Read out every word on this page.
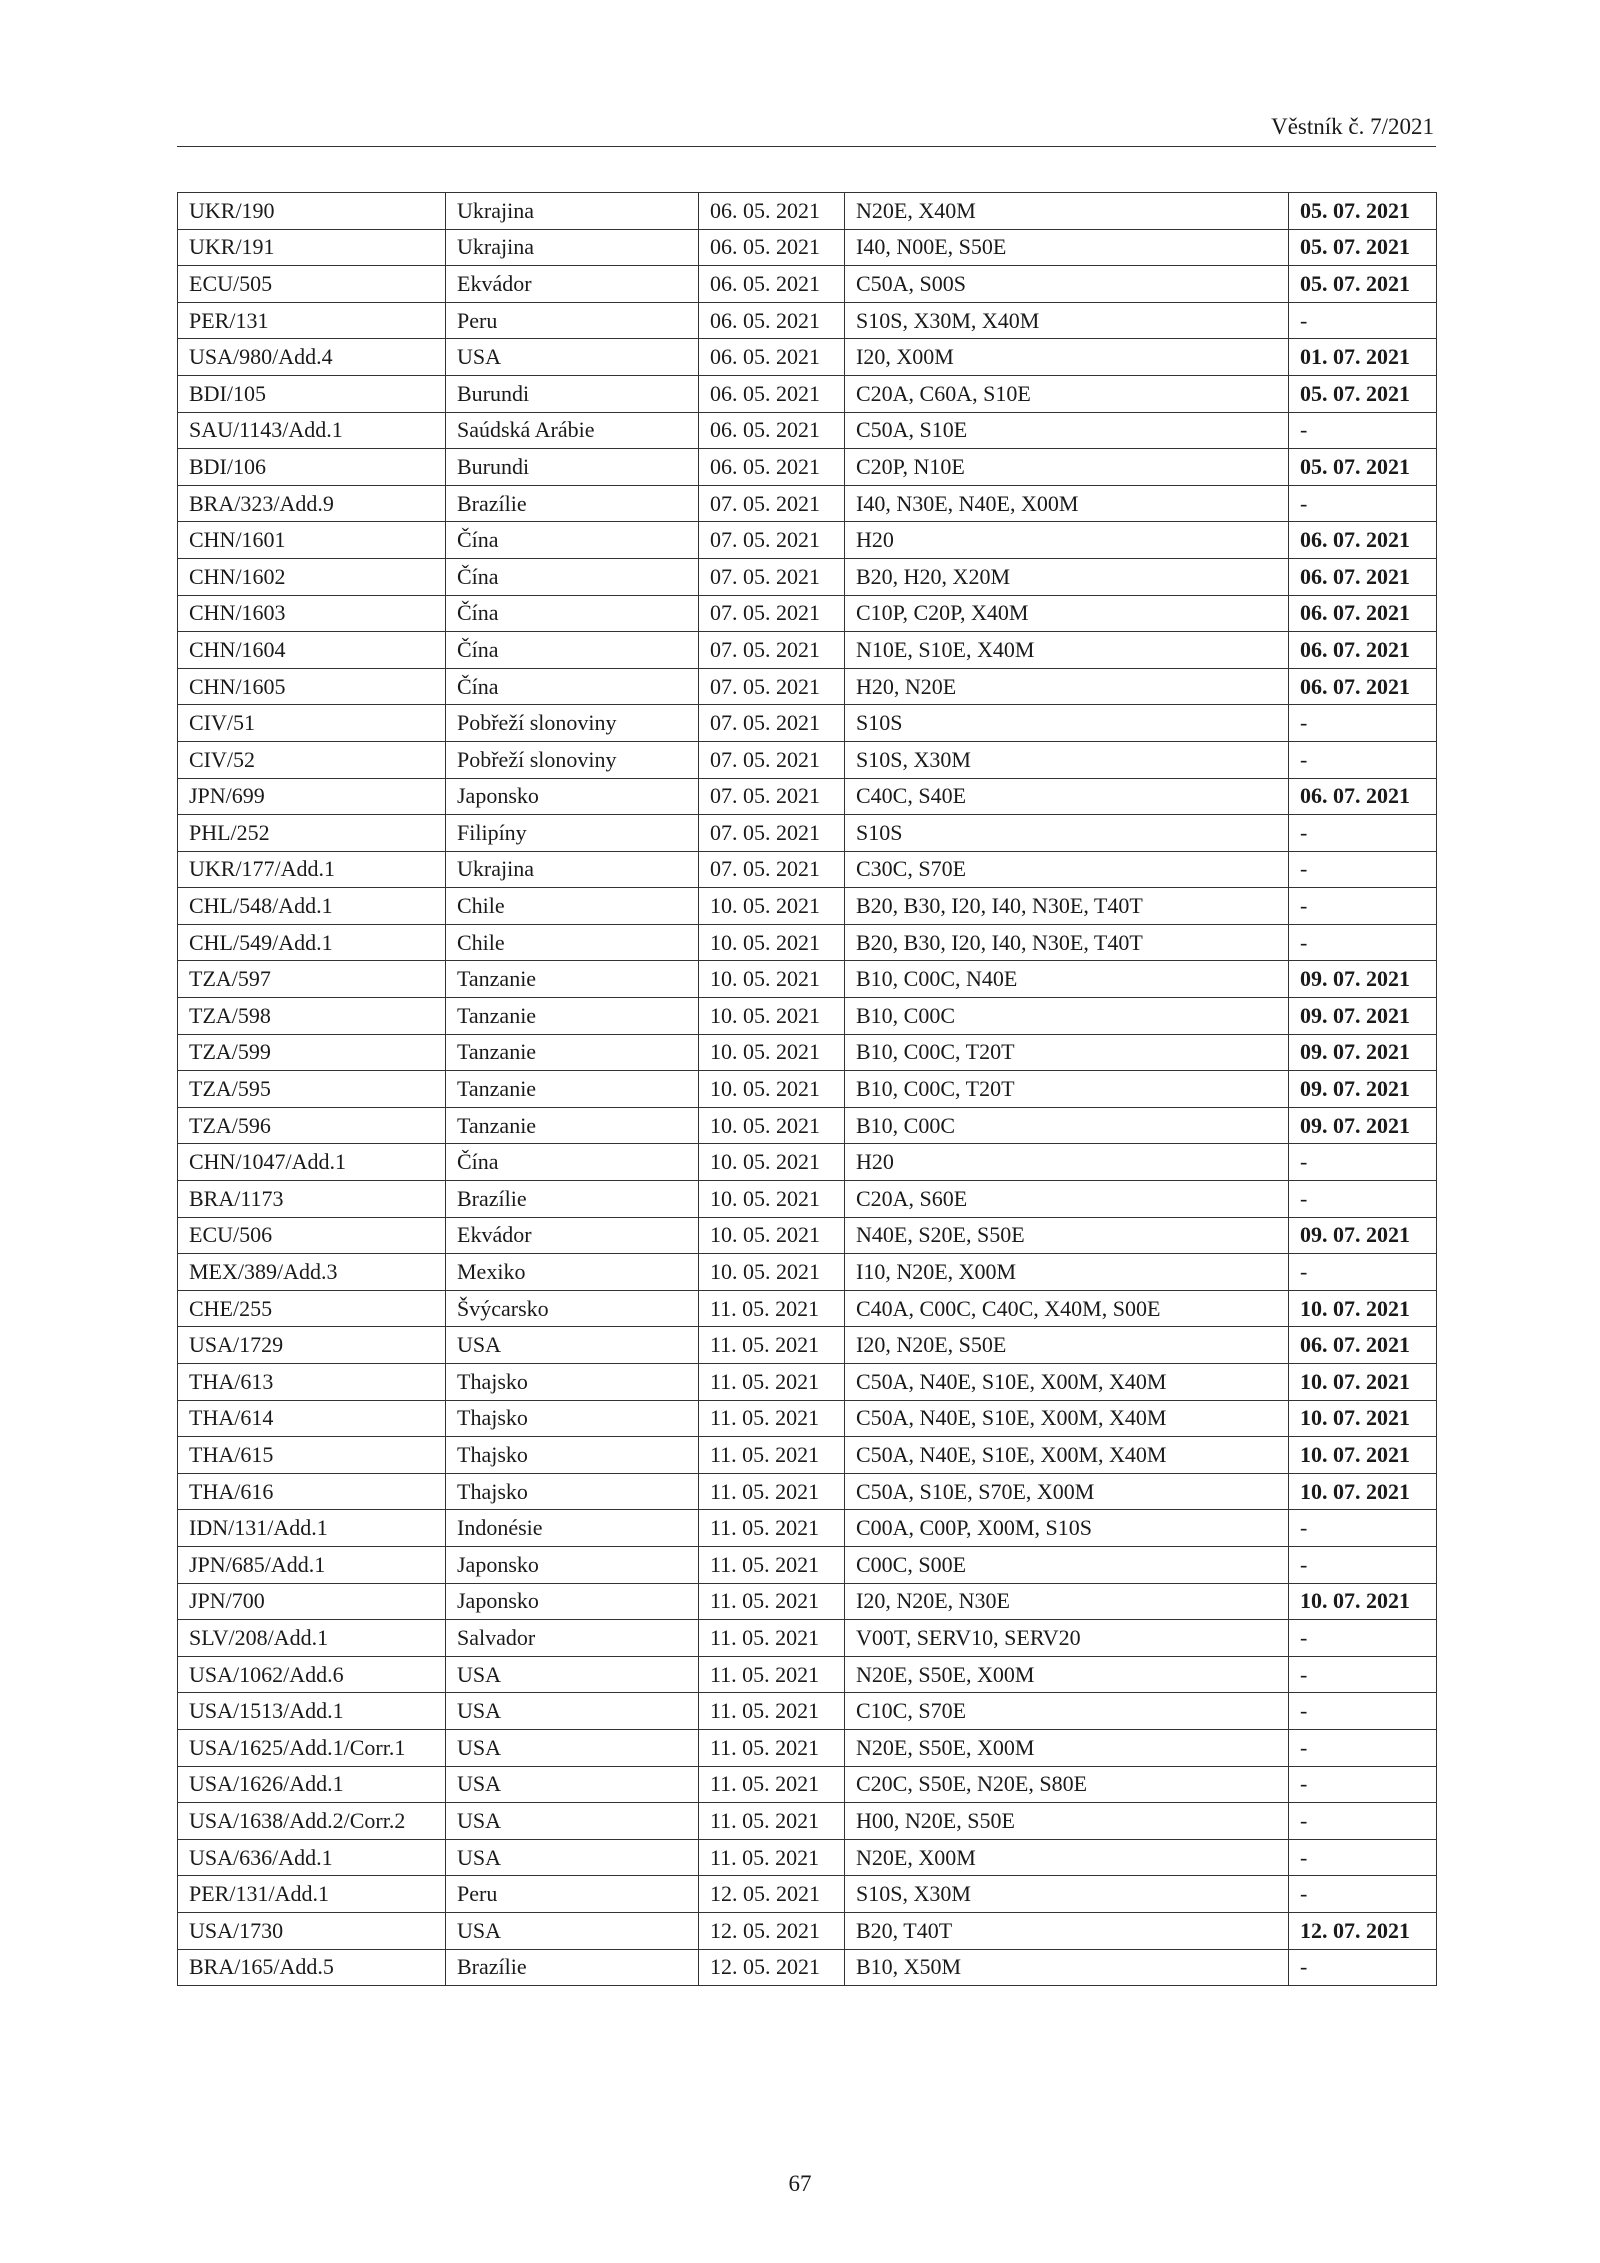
Věstník č. 7/2021
UKR/190	Ukrajina	06. 05. 2021	N20E, X40M	05. 07. 2021
UKR/191	Ukrajina	06. 05. 2021	I40, N00E, S50E	05. 07. 2021
ECU/505	Ekvádor	06. 05. 2021	C50A, S00S	05. 07. 2021
PER/131	Peru	06. 05. 2021	S10S, X30M, X40M	-
USA/980/Add.4	USA	06. 05. 2021	I20, X00M	01. 07. 2021
BDI/105	Burundi	06. 05. 2021	C20A, C60A, S10E	05. 07. 2021
SAU/1143/Add.1	Saúdská Arábie	06. 05. 2021	C50A, S10E	-
BDI/106	Burundi	06. 05. 2021	C20P, N10E	05. 07. 2021
BRA/323/Add.9	Brazílie	07. 05. 2021	I40, N30E, N40E, X00M	-
CHN/1601	Čína	07. 05. 2021	H20	06. 07. 2021
CHN/1602	Čína	07. 05. 2021	B20, H20, X20M	06. 07. 2021
CHN/1603	Čína	07. 05. 2021	C10P, C20P, X40M	06. 07. 2021
CHN/1604	Čína	07. 05. 2021	N10E, S10E, X40M	06. 07. 2021
CHN/1605	Čína	07. 05. 2021	H20, N20E	06. 07. 2021
CIV/51	Pobřeží slonoviny	07. 05. 2021	S10S	-
CIV/52	Pobřeží slonoviny	07. 05. 2021	S10S, X30M	-
JPN/699	Japonsko	07. 05. 2021	C40C, S40E	06. 07. 2021
PHL/252	Filipíny	07. 05. 2021	S10S	-
UKR/177/Add.1	Ukrajina	07. 05. 2021	C30C, S70E	-
CHL/548/Add.1	Chile	10. 05. 2021	B20, B30, I20, I40, N30E, T40T	-
CHL/549/Add.1	Chile	10. 05. 2021	B20, B30, I20, I40, N30E, T40T	-
TZA/597	Tanzanie	10. 05. 2021	B10, C00C, N40E	09. 07. 2021
TZA/598	Tanzanie	10. 05. 2021	B10, C00C	09. 07. 2021
TZA/599	Tanzanie	10. 05. 2021	B10, C00C, T20T	09. 07. 2021
TZA/595	Tanzanie	10. 05. 2021	B10, C00C, T20T	09. 07. 2021
TZA/596	Tanzanie	10. 05. 2021	B10, C00C	09. 07. 2021
CHN/1047/Add.1	Čína	10. 05. 2021	H20	-
BRA/1173	Brazílie	10. 05. 2021	C20A, S60E	-
ECU/506	Ekvádor	10. 05. 2021	N40E, S20E, S50E	09. 07. 2021
MEX/389/Add.3	Mexiko	10. 05. 2021	I10, N20E, X00M	-
CHE/255	Švýcarsko	11. 05. 2021	C40A, C00C, C40C, X40M, S00E	10. 07. 2021
USA/1729	USA	11. 05. 2021	I20, N20E, S50E	06. 07. 2021
THA/613	Thajsko	11. 05. 2021	C50A, N40E, S10E, X00M, X40M	10. 07. 2021
THA/614	Thajsko	11. 05. 2021	C50A, N40E, S10E, X00M, X40M	10. 07. 2021
THA/615	Thajsko	11. 05. 2021	C50A, N40E, S10E, X00M, X40M	10. 07. 2021
THA/616	Thajsko	11. 05. 2021	C50A, S10E, S70E, X00M	10. 07. 2021
IDN/131/Add.1	Indonésie	11. 05. 2021	C00A, C00P, X00M, S10S	-
JPN/685/Add.1	Japonsko	11. 05. 2021	C00C, S00E	-
JPN/700	Japonsko	11. 05. 2021	I20, N20E, N30E	10. 07. 2021
SLV/208/Add.1	Salvador	11. 05. 2021	V00T, SERV10, SERV20	-
USA/1062/Add.6	USA	11. 05. 2021	N20E, S50E, X00M	-
USA/1513/Add.1	USA	11. 05. 2021	C10C, S70E	-
USA/1625/Add.1/Corr.1	USA	11. 05. 2021	N20E, S50E, X00M	-
USA/1626/Add.1	USA	11. 05. 2021	C20C, S50E, N20E, S80E	-
USA/1638/Add.2/Corr.2	USA	11. 05. 2021	H00, N20E, S50E	-
USA/636/Add.1	USA	11. 05. 2021	N20E, X00M	-
PER/131/Add.1	Peru	12. 05. 2021	S10S, X30M	-
USA/1730	USA	12. 05. 2021	B20, T40T	12. 07. 2021
BRA/165/Add.5	Brazílie	12. 05. 2021	B10, X50M	-
67
